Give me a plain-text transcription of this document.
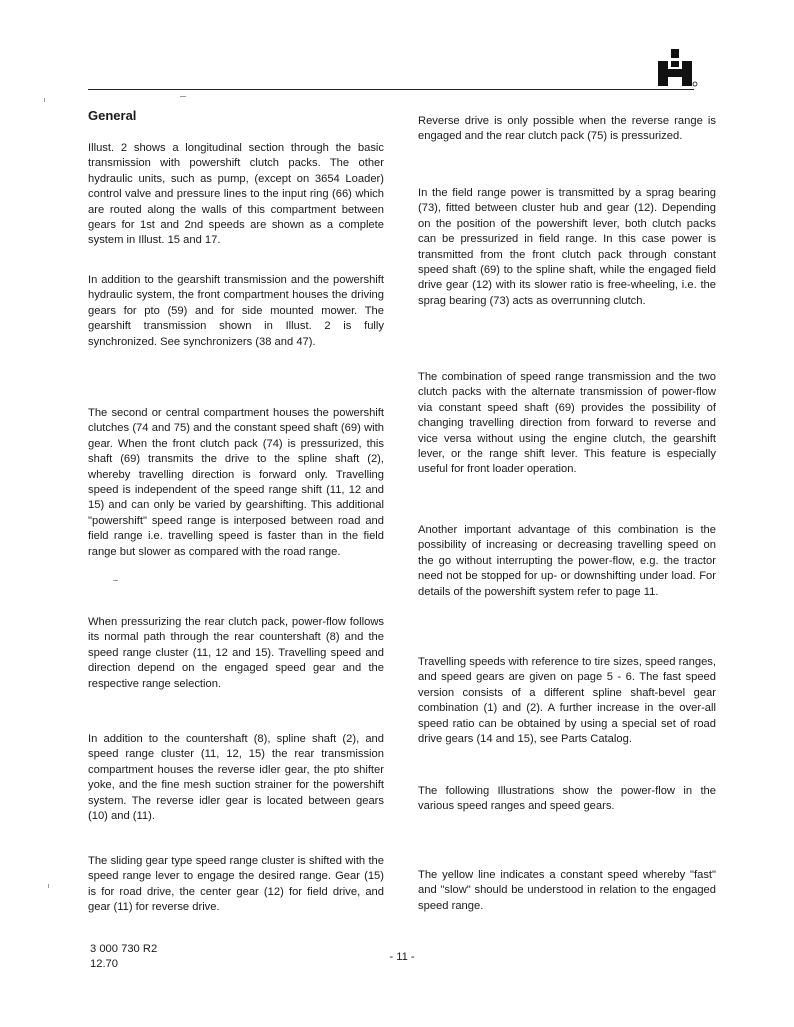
General

Illust. 2 shows a longitudinal section through the basic transmission with powershift clutch packs. The other hydraulic units, such as pump, (except on 3654 Loader) control valve and pressure lines to the input ring (66) which are routed along the walls of this compartment between gears for 1st and 2nd speeds are shown as a complete system in Illust. 15 and 17.

In addition to the gearshift transmission and the powershift hydraulic system, the front compartment houses the driving gears for pto (59) and for side mounted mower. The gearshift transmission shown in Illust. 2 is fully synchronized. See synchronizers (38 and 47).

The second or central compartment houses the powershift clutches (74 and 75) and the constant speed shaft (69) with gear. When the front clutch pack (74) is pressurized, this shaft (69) transmits the drive to the spline shaft (2), whereby travelling direction is forward only. Travelling speed is independent of the speed range shift (11, 12 and 15) and can only be varied by gearshifting. This additional "powershift" speed range is interposed between road and field range i.e. travelling speed is faster than in the field range but slower as compared with the road range.

When pressurizing the rear clutch pack, power-flow follows its normal path through the rear countershaft (8) and the speed range cluster (11, 12 and 15). Travelling speed and direction depend on the engaged speed gear and the respective range selection.

In addition to the countershaft (8), spline shaft (2), and speed range cluster (11, 12, 15) the rear transmission compartment houses the reverse idler gear, the pto shifter yoke, and the fine mesh suction strainer for the powershift system. The reverse idler gear is located between gears (10) and (11).

The sliding gear type speed range cluster is shifted with the speed range lever to engage the desired range. Gear (15) is for road drive, the center gear (12) for field drive, and gear (11) for reverse drive.

Reverse drive is only possible when the reverse range is engaged and the rear clutch pack (75) is pressurized.

In the field range power is transmitted by a sprag bearing (73), fitted between cluster hub and gear (12). Depending on the position of the powershift lever, both clutch packs can be pressurized in field range. In this case power is transmitted from the front clutch pack through constant speed shaft (69) to the spline shaft, while the engaged field drive gear (12) with its slower ratio is free-wheeling, i.e. the sprag bearing (73) acts as overrunning clutch.

The combination of speed range transmission and the two clutch packs with the alternate transmission of power-flow via constant speed shaft (69) provides the possibility of changing travelling direction from forward to reverse and vice versa without using the engine clutch, the gearshift lever, or the range shift lever. This feature is especially useful for front loader operation.

Another important advantage of this combination is the possibility of increasing or decreasing travelling speed on the go without interrupting the power-flow, e.g. the tractor need not be stopped for up- or downshifting under load. For details of the powershift system refer to page 11.

Travelling speeds with reference to tire sizes, speed ranges, and speed gears are given on page 5 - 6. The fast speed version consists of a different spline shaft-bevel gear combination (1) and (2). A further increase in the over-all speed ratio can be obtained by using a special set of road drive gears (14 and 15), see Parts Catalog.

The following Illustrations show the power-flow in the various speed ranges and speed gears.

The yellow line indicates a constant speed whereby "fast" and "slow" should be understood in relation to the engaged speed range.

3 000 730 R2
12.70
- 11 -
